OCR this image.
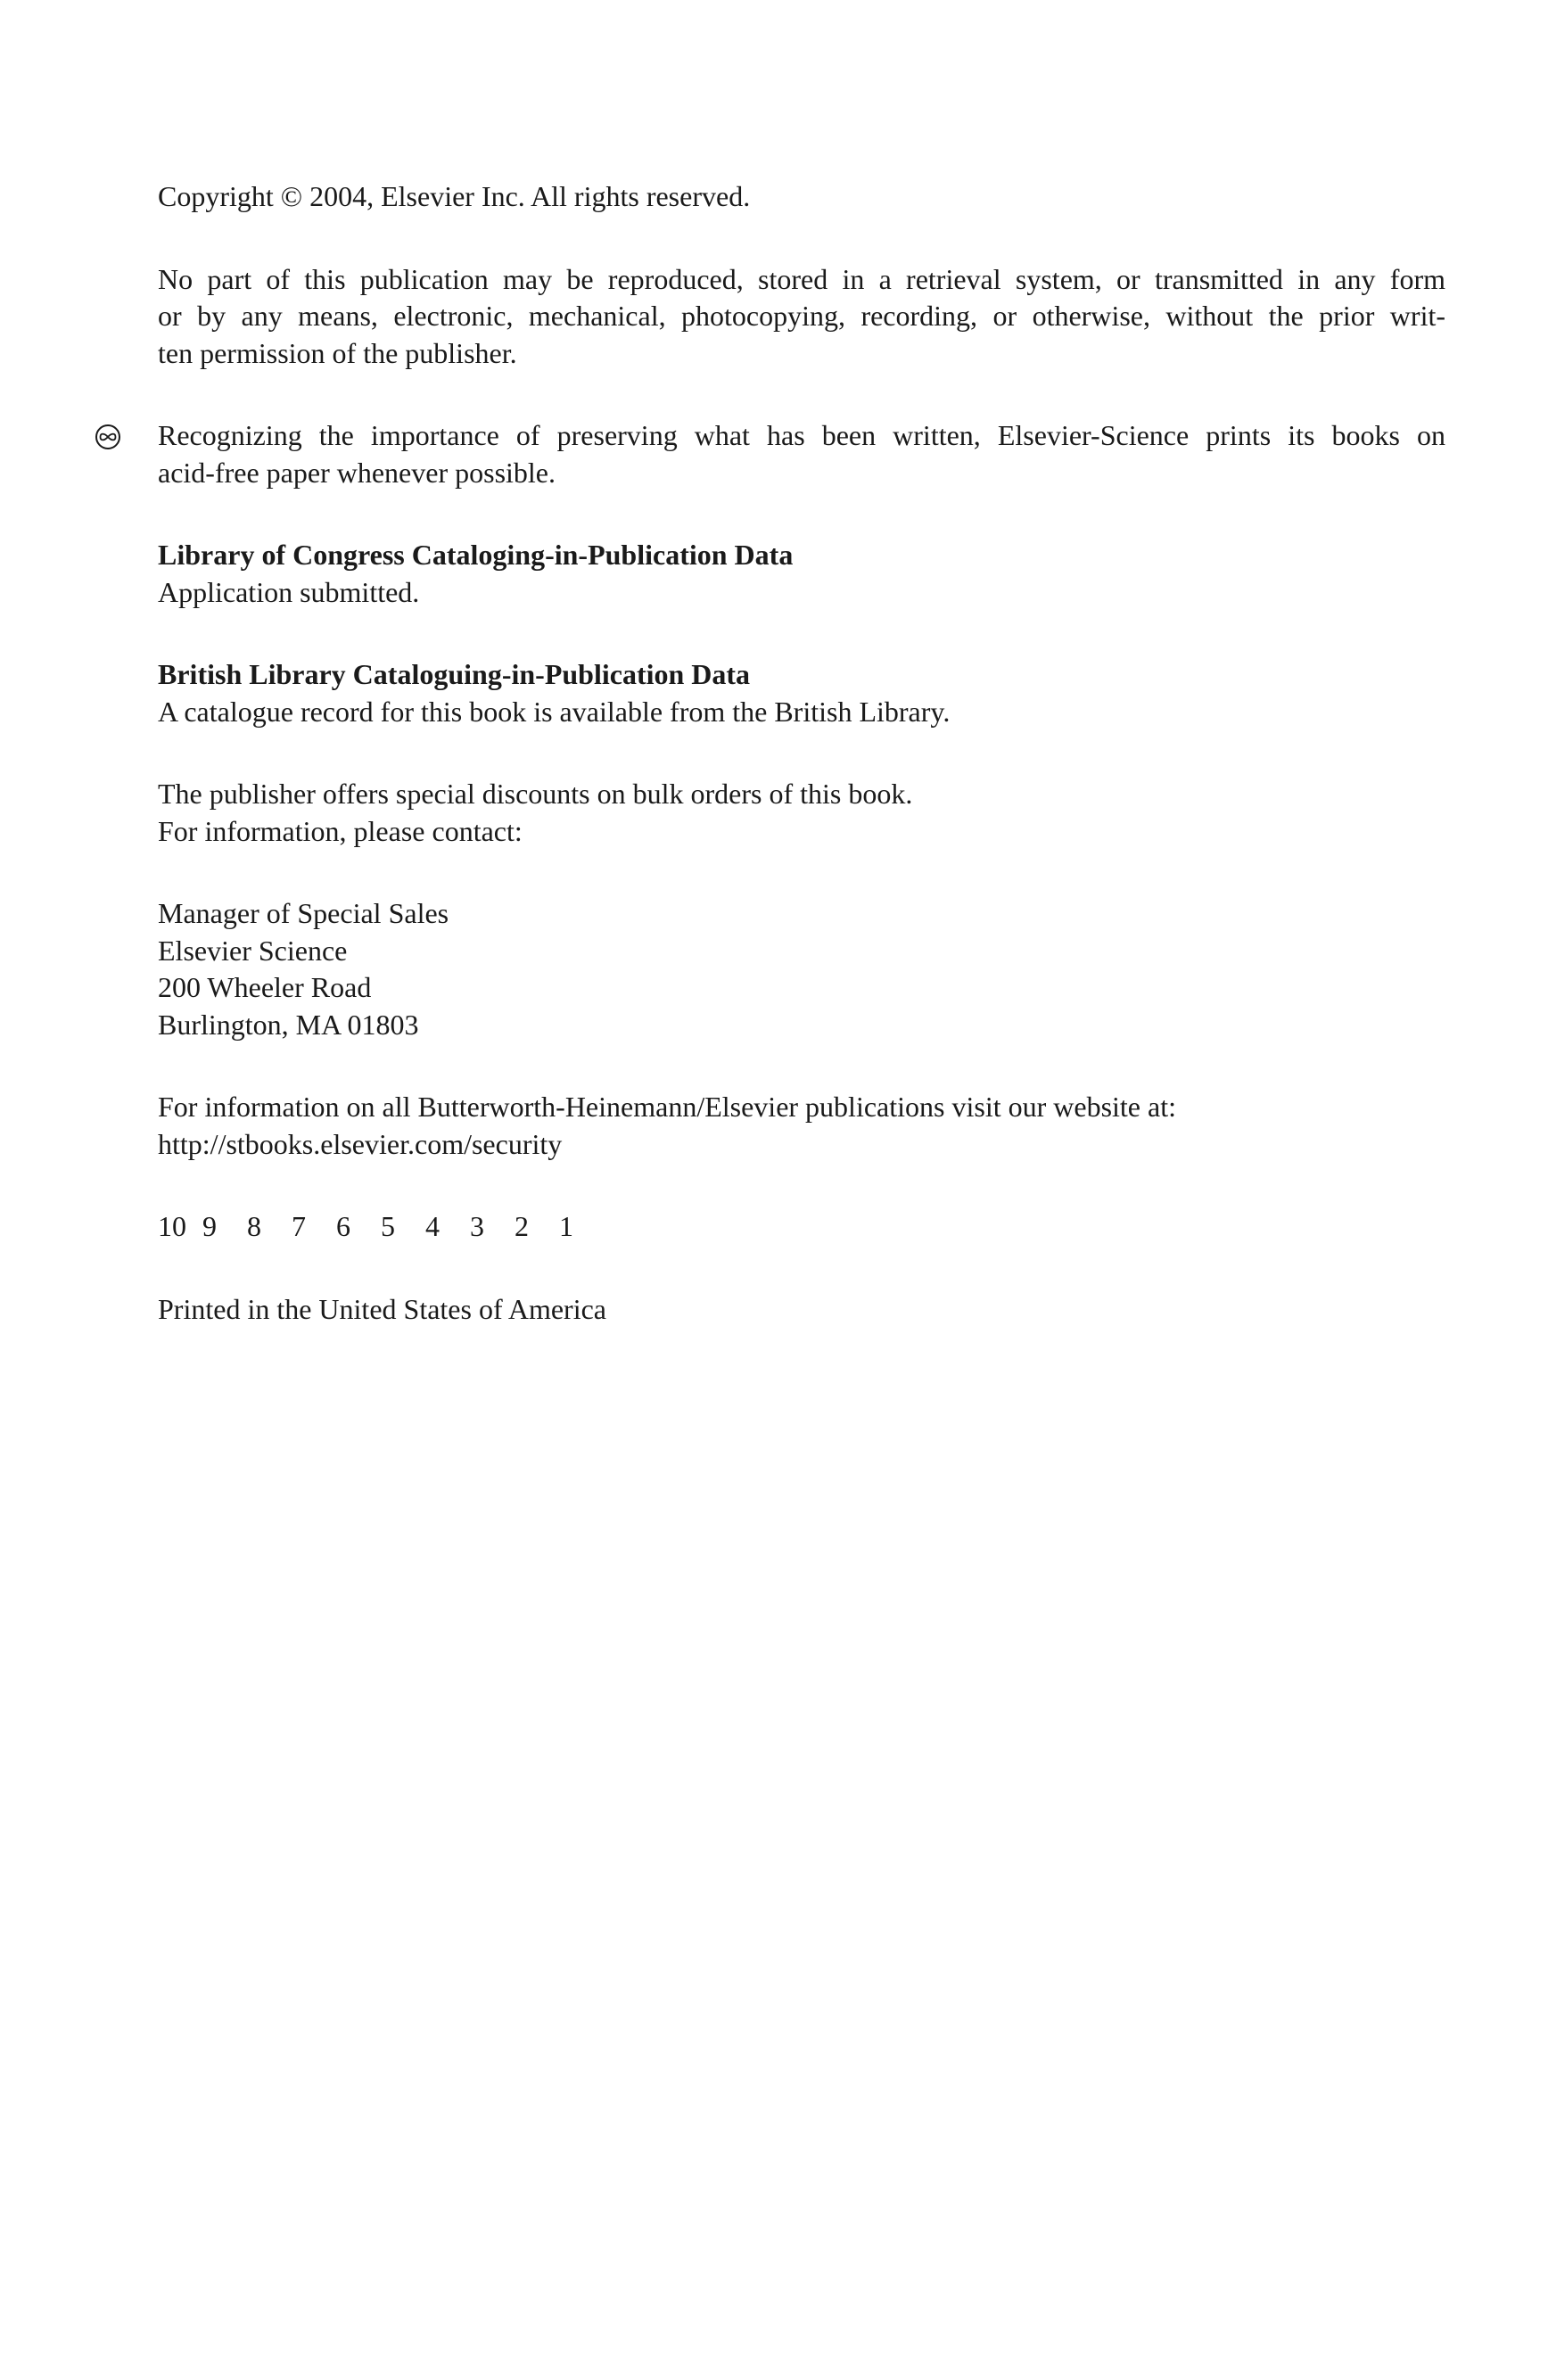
Copyright © 2004, Elsevier Inc. All rights reserved.
No part of this publication may be reproduced, stored in a retrieval system, or transmitted in any form
or by any means, electronic, mechanical, photocopying, recording, or otherwise, without the prior writ-
ten permission of the publisher.
Recognizing the importance of preserving what has been written, Elsevier-Science prints its books on
acid-free paper whenever possible.
Library of Congress Cataloging-in-Publication Data
Application submitted.
British Library Cataloguing-in-Publication Data
A catalogue record for this book is available from the British Library.
The publisher offers special discounts on bulk orders of this book.
For information, please contact:
Manager of Special Sales
Elsevier Science
200 Wheeler Road
Burlington, MA 01803
For information on all Butterworth-Heinemann/Elsevier publications visit our website at:
http://stbooks.elsevier.com/security
10 9	8	7	6	5	4	3	2	1
Printed in the United States of America
